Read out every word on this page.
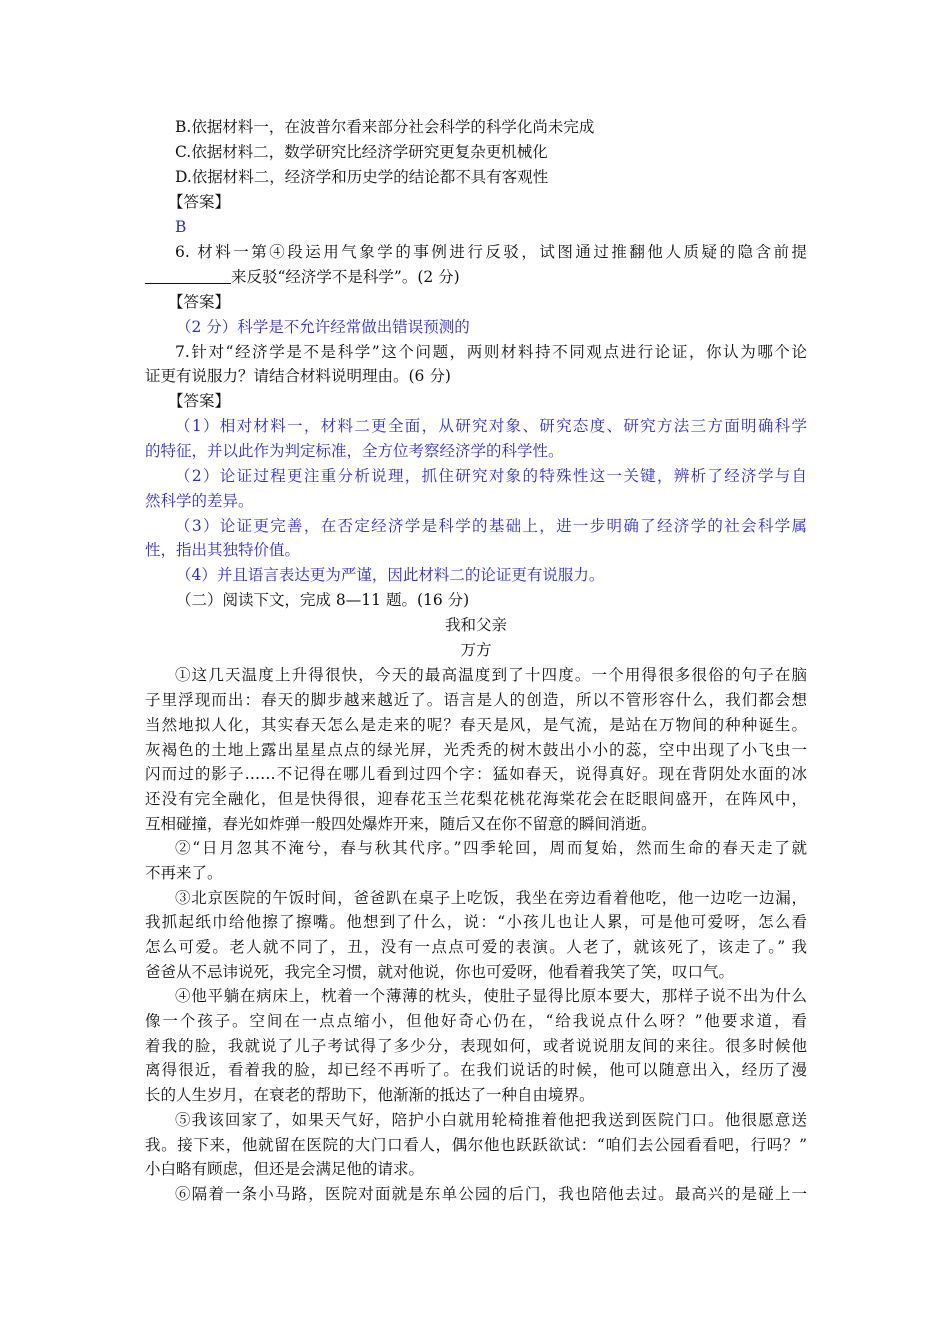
B.依据材料一，在波普尔看来部分社会科学的科学化尚未完成
C.依据材料二，数学研究比经济学研究更复杂更机械化
D.依据材料二，经济学和历史学的结论都不具有客观性
【答案】
B
6. 材料一第④段运用气象学的事例进行反驳，试图通过推翻他人质疑的隐含前提
来反驳“经济学不是科学”。(2 分)
【答案】
（2 分）科学是不允许经常做出错误预测的
7.针对“经济学是不是科学”这个问题，两则材料持不同观点进行论证，你认为哪个论
证更有说服力？请结合材料说明理由。(6 分)
【答案】
（1）相对材料一，材料二更全面，从研究对象、研究态度、研究方法三方面明确科学
的特征，并以此作为判定标准，全方位考察经济学的科学性。
（2）论证过程更注重分析说理，抓住研究对象的特殊性这一关键，辨析了经济学与自
然科学的差异。
（3）论证更完善，在否定经济学是科学的基础上，进一步明确了经济学的社会科学属
性，指出其独特价值。
（4）并且语言表达更为严谨，因此材料二的论证更有说服力。
（二）阅读下文，完成 8—11 题。(16 分)
我和父亲
万方
①这几天温度上升得很快，今天的最高温度到了十四度。一个用得很多很俗的句子在脑
子里浮现而出：春天的脚步越来越近了。语言是人的创造，所以不管形容什么，我们都会想
当然地拟人化，其实春天怎么是走来的呢？春天是风，是气流，是站在万物间的种种诞生。
灰褐色的土地上露出星星点点的绿光屏，光秃秃的树木鼓出小小的蕊，空中出现了小飞虫一
闪而过的影子……不记得在哪儿看到过四个字：猛如春天，说得真好。现在背阴处水面的冰
还没有完全融化，但是快得很，迎春花玉兰花梨花桃花海棠花会在眨眼间盛开，在阵风中，
互相碰撞，春光如炸弹一般四处爆炸开来，随后又在你不留意的瞬间消逝。
②“日月忽其不淹兮，春与秋其代序。”四季轮回，周而复始，然而生命的春天走了就
不再来了。
③北京医院的午饭时间，爸爸趴在桌子上吃饭，我坐在旁边看着他吃，他一边吃一边漏，
我抓起纸巾给他擦了擦嘴。他想到了什么，说：“小孩儿也让人累，可是他可爱呀，怎么看
怎么可爱。老人就不同了，丑，没有一点点可爱的表演。人老了，就该死了，该走了。” 我
爸爸从不忌讳说死，我完全习惯，就对他说，你也可爱呀，他看着我笑了笑，叹口气。
④他平躺在病床上，枕着一个薄薄的枕头，使肚子显得比原本要大，那样子说不出为什么
像一个孩子。空间在一点点缩小，但他好奇心仍在，“给我说点什么呀？”他要求道，看
着我的脸，我就说了儿子考试得了多少分，表现如何，或者说说朋友间的来往。很多时候他
离得很近，看着我的脸，却已经不再听了。在我们说话的时候，他可以随意出入，经历了漫
长的人生岁月，在衰老的帮助下，他渐渐的抵达了一种自由境界。
⑤我该回家了，如果天气好，陪护小白就用轮椅推着他把我送到医院门口。他很愿意送
我。接下来，他就留在医院的大门口看人，偶尔他也跃跃欲试：“咱们去公园看看吧，行吗？”
小白略有顾虑，但还是会满足他的请求。
⑥隔着一条小马路，医院对面就是东单公园的后门，我也陪他去过。最高兴的是碰上一
